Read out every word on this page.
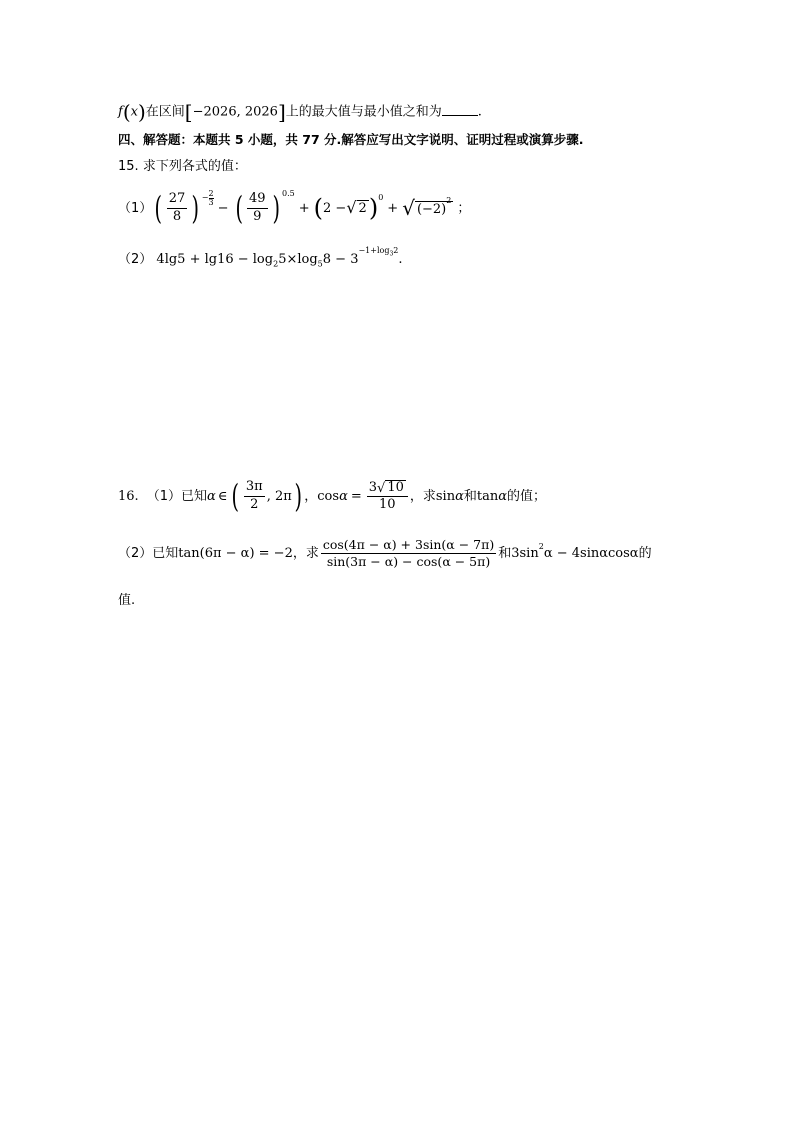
f(x)在区间[−2026, 2026]上的最大值与最小值之和为	.
四、解答题：本题共 5 小题，共 77 分.解答应写出文字说明、证明过程或演算步骤.
15. 求下列各式的值：
（1） ( $\frac{27}{8}$ ) − $\frac{2}{3}$
− ( $\frac{49}{9}$ ) 0.5
+ ( 2 − √ 2 ) 0
+ √ $(-2)^2$ ；
（2） $4\lg 5 + \lg 16 - \log_25\times\log_58 - 3^{-1+log_32}$.
16. （1）已知 α ∈ ( $\frac{3\pi}{2}$ , 2π ) ， $\cos \alpha = \frac{3 √ 10}{10}$ ，求 sin α 和 tan α 的值；
（2）已知 tan(6π − α) = −2 ，求 $\frac{\cos(4\pi - \alpha) + 3\sin(\alpha - 7\pi)}{\sin(3\pi - \alpha) - \cos(\alpha - 5\pi)}$ 和 $3\sin^2$ α − 4sinαcosα 的
值.
